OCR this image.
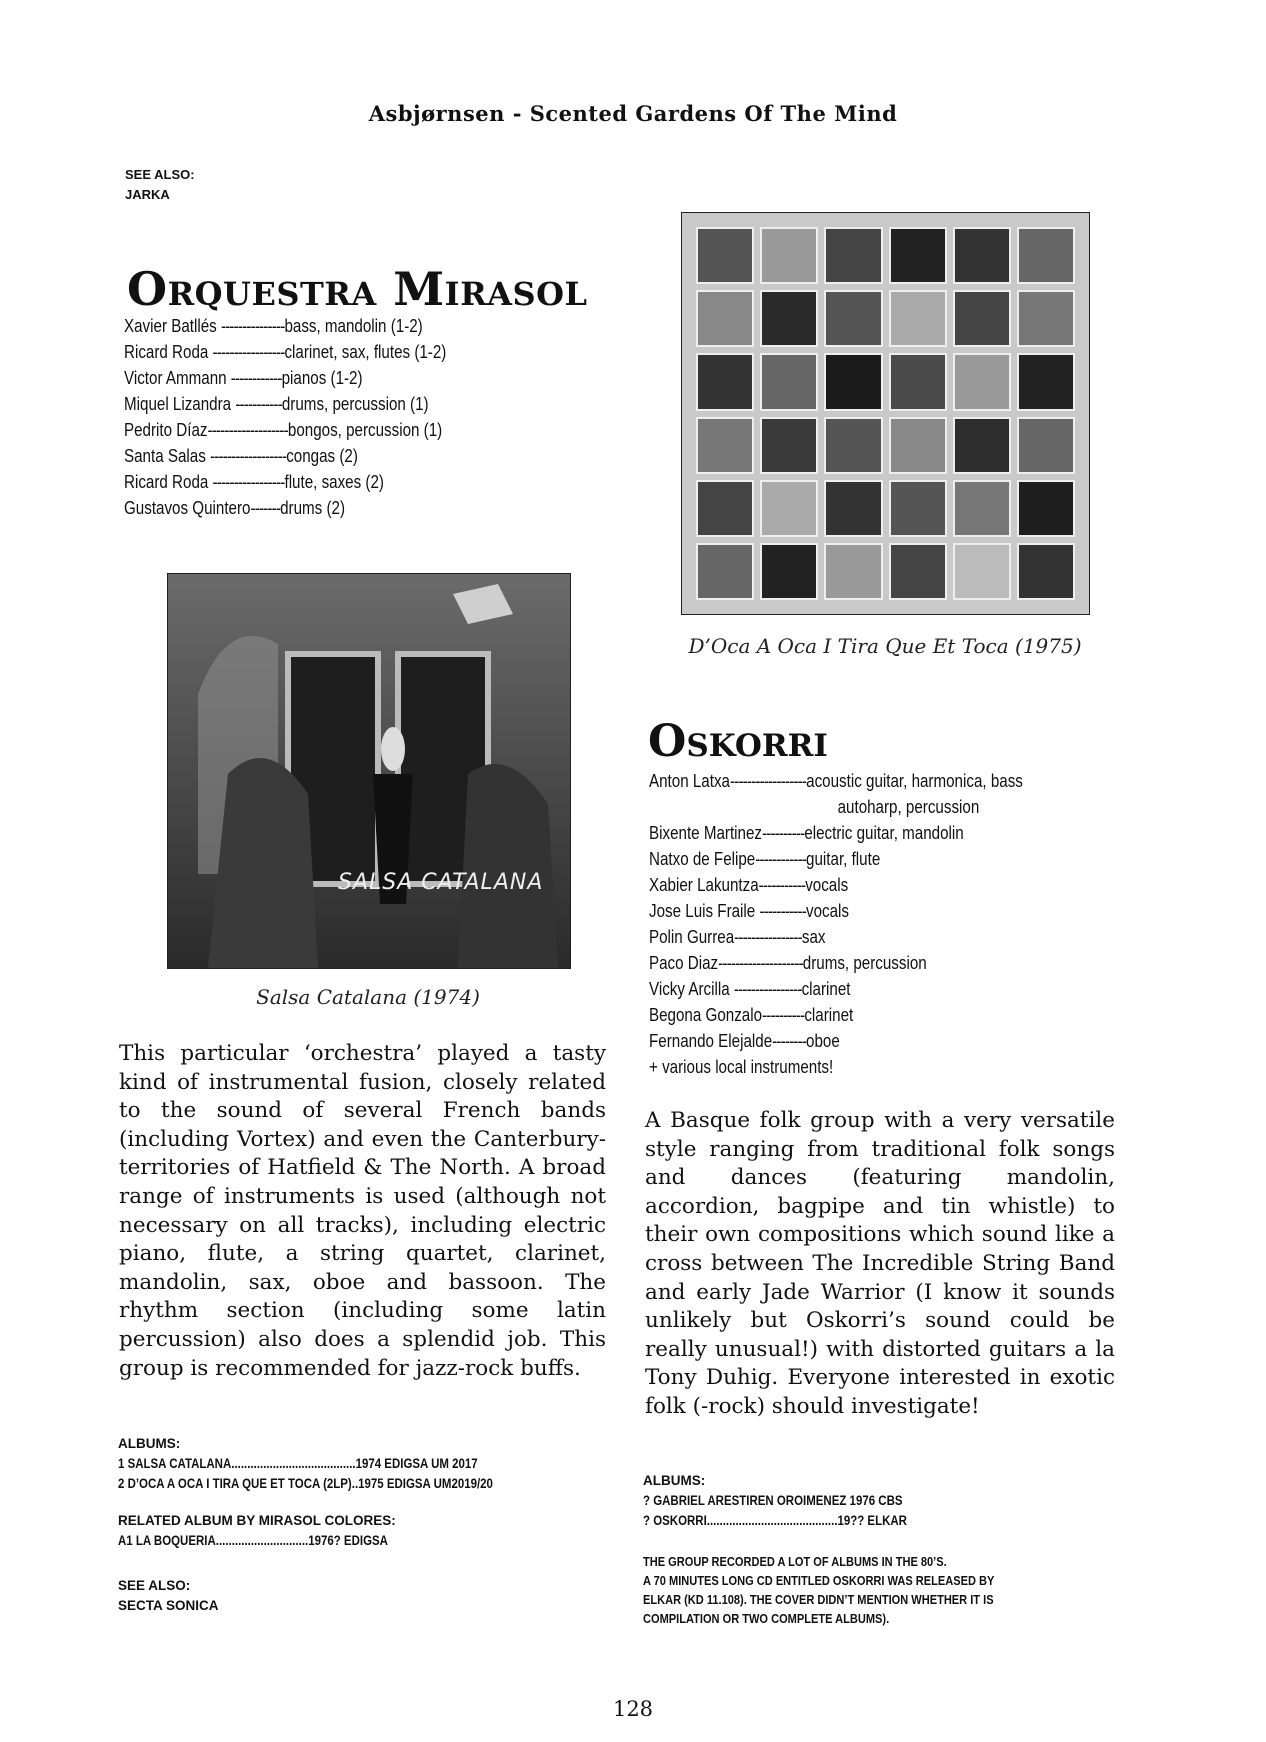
Asbjørnsen - Scented Gardens Of The Mind
SEE ALSO:
JARKA
Orquestra Mirasol
Xavier Batllés ---------------bass, mandolin (1-2)
Ricard Roda -----------------clarinet, sax, flutes (1-2)
Victor Ammann ------------pianos (1-2)
Miquel Lizandra -----------drums, percussion (1)
Pedrito Díaz-------------------bongos, percussion (1)
Santa Salas ------------------congas (2)
Ricard Roda -----------------flute, saxes (2)
Gustavos Quintero-------drums (2)
SALSA CATALANA
Salsa Catalana (1974)
This particular ‘orchestra’ played a tasty kind of instrumental fusion, closely related to the sound of several French bands (including Vortex) and even the Canterbury-territories of Hatfield & The North. A broad range of instruments is used (although not necessary on all tracks), including electric piano, flute, a string quartet, clarinet, mandolin, sax, oboe and bassoon. The rhythm section (including some latin percussion) also does a splendid job. This group is recommended for jazz-rock buffs.
ALBUMS:
1 SALSA CATALANA.......................................1974 EDIGSA UM 2017
2 D’OCA A OCA I TIRA QUE ET TOCA (2LP)..1975 EDIGSA UM2019/20
RELATED ALBUM BY MIRASOL COLORES:
A1 LA BOQUERIA.............................1976? EDIGSA
SEE ALSO:
SECTA SONICA
D’Oca A Oca I Tira Que Et Toca (1975)
Oskorri
Anton Latxa------------------acoustic guitar, harmonica, bass
autoharp, percussion
Bixente Martinez----------electric guitar, mandolin
Natxo de Felipe------------guitar, flute
Xabier Lakuntza-----------vocals
Jose Luis Fraile -----------vocals
Polin Gurrea----------------sax
Paco Diaz--------------------drums, percussion
Vicky Arcilla ----------------clarinet
Begona Gonzalo----------clarinet
Fernando Elejalde--------oboe
+ various local instruments!
A Basque folk group with a very versatile style ranging from traditional folk songs and dances (featuring mandolin, accordion, bagpipe and tin whistle) to their own compositions which sound like a cross between The Incredible String Band and early Jade Warrior (I know it sounds unlikely but Oskorri’s sound could be really unusual!) with distorted guitars a la Tony Duhig. Everyone interested in exotic folk (-rock) should investigate!
ALBUMS:
? GABRIEL ARESTIREN OROIMENEZ 1976 CBS
? OSKORRI.........................................19?? ELKAR
THE GROUP RECORDED A LOT OF ALBUMS IN THE 80’S.
A 70 MINUTES LONG CD ENTITLED OSKORRI WAS RELEASED BY
ELKAR (KD 11.108). THE COVER DIDN’T MENTION WHETHER IT IS
COMPILATION OR TWO COMPLETE ALBUMS).
128
